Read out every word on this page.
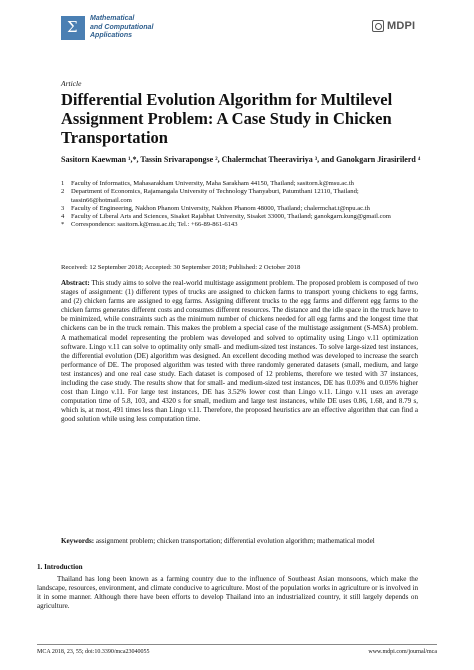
Σ Mathematical
and Computational
Applications
MDPI
Article
Differential Evolution Algorithm for Multilevel Assignment Problem: A Case Study in Chicken Transportation
Sasitorn Kaewman ¹,*, Tassin Srivarapongse ², Chalermchat Theeraviriya ³, and Ganokgarn Jirasirilerd ⁴
1	Faculty of Informatics, Mahasarakham University, Maha Sarakham 44150, Thailand; sasitorn.k@msu.ac.th
2	Department of Economics, Rajamangala University of Technology Thanyaburi, Patumthani 12110, Thailand; tassin66@hotmail.com
3	Faculty of Engineering, Nakhon Phanom University, Nakhon Phanom 48000, Thailand; chalermchat.t@npu.ac.th
4	Faculty of Liberal Arts and Sciences, Sisaket Rajabhat University, Sisaket 33000, Thailand; ganokgarn.kung@gmail.com
*	Correspondence: sasitorn.k@msu.ac.th; Tel.: +66-89-861-6143
Received: 12 September 2018; Accepted: 30 September 2018; Published: 2 October 2018
Abstract: This study aims to solve the real-world multistage assignment problem. The proposed problem is composed of two stages of assignment: (1) different types of trucks are assigned to chicken farms to transport young chickens to egg farms, and (2) chicken farms are assigned to egg farms. Assigning different trucks to the egg farms and different egg farms to the chicken farms generates different costs and consumes different resources. The distance and the idle space in the truck have to be minimized, while constraints such as the minimum number of chickens needed for all egg farms and the longest time that chickens can be in the truck remain. This makes the problem a special case of the multistage assignment (S-MSA) problem. A mathematical model representing the problem was developed and solved to optimality using Lingo v.11 optimization software. Lingo v.11 can solve to optimality only small- and medium-sized test instances. To solve large-sized test instances, the differential evolution (DE) algorithm was designed. An excellent decoding method was developed to increase the search performance of DE. The proposed algorithm was tested with three randomly generated datasets (small, medium, and large test instances) and one real case study. Each dataset is composed of 12 problems, therefore we tested with 37 instances, including the case study. The results show that for small- and medium-sized test instances, DE has 0.03% and 0.05% higher cost than Lingo v.11. For large test instances, DE has 3.52% lower cost than Lingo v.11. Lingo v.11 uses an average computation time of 5.8, 103, and 4320 s for small, medium and large test instances, while DE uses 0.86, 1.68, and 8.79 s, which is, at most, 491 times less than Lingo v.11. Therefore, the proposed heuristics are an effective algorithm that can find a good solution while using less computation time.
Keywords: assignment problem; chicken transportation; differential evolution algorithm; mathematical model
1. Introduction
Thailand has long been known as a farming country due to the influence of Southeast Asian monsoons, which make the landscape, resources, environment, and climate conducive to agriculture. Most of the population works in agriculture or is involved in it in some manner. Although there have been efforts to develop Thailand into an industrialized country, it still largely depends on agriculture.
MCA 2018, 23, 55; doi:10.3390/mca23040055	www.mdpi.com/journal/mca
